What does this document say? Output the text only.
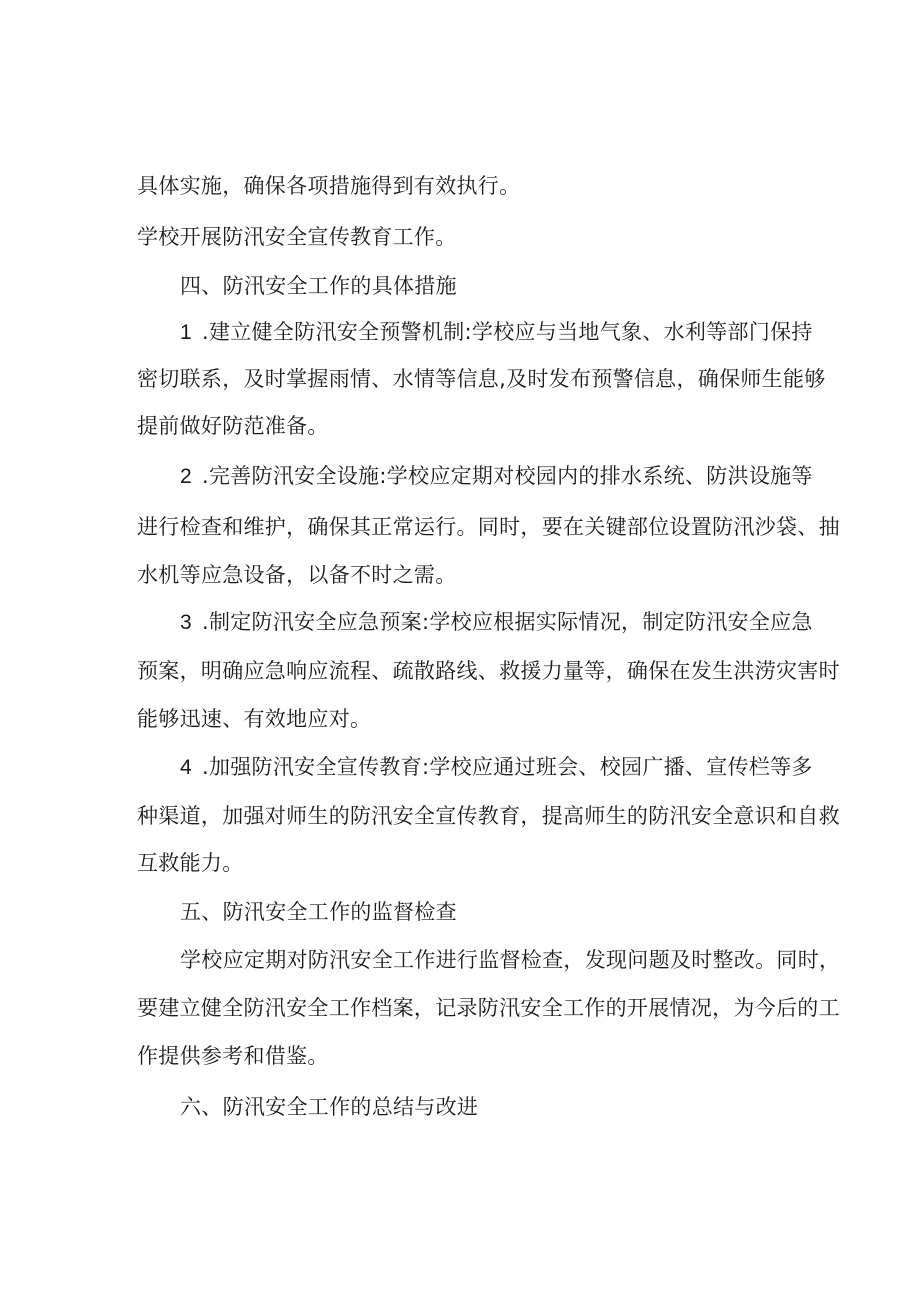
具体实施，确保各项措施得到有效执行。
学校开展防汛安全宣传教育工作。
四、防汛安全工作的具体措施
1 .建立健全防汛安全预警机制:学校应与当地气象、水利等部门保持
密切联系，及时掌握雨情、水情等信息,及时发布预警信息，确保师生能够
提前做好防范准备。
2 .完善防汛安全设施:学校应定期对校园内的排水系统、防洪设施等
进行检查和维护，确保其正常运行。同时，要在关键部位设置防汛沙袋、抽
水机等应急设备，以备不时之需。
3 .制定防汛安全应急预案:学校应根据实际情况，制定防汛安全应急
预案，明确应急响应流程、疏散路线、救援力量等，确保在发生洪涝灾害时
能够迅速、有效地应对。
4 .加强防汛安全宣传教育:学校应通过班会、校园广播、宣传栏等多
种渠道，加强对师生的防汛安全宣传教育，提高师生的防汛安全意识和自救
互救能力。
五、防汛安全工作的监督检查
学校应定期对防汛安全工作进行监督检查，发现问题及时整改。同时，
要建立健全防汛安全工作档案，记录防汛安全工作的开展情况，为今后的工
作提供参考和借鉴。
六、防汛安全工作的总结与改进
